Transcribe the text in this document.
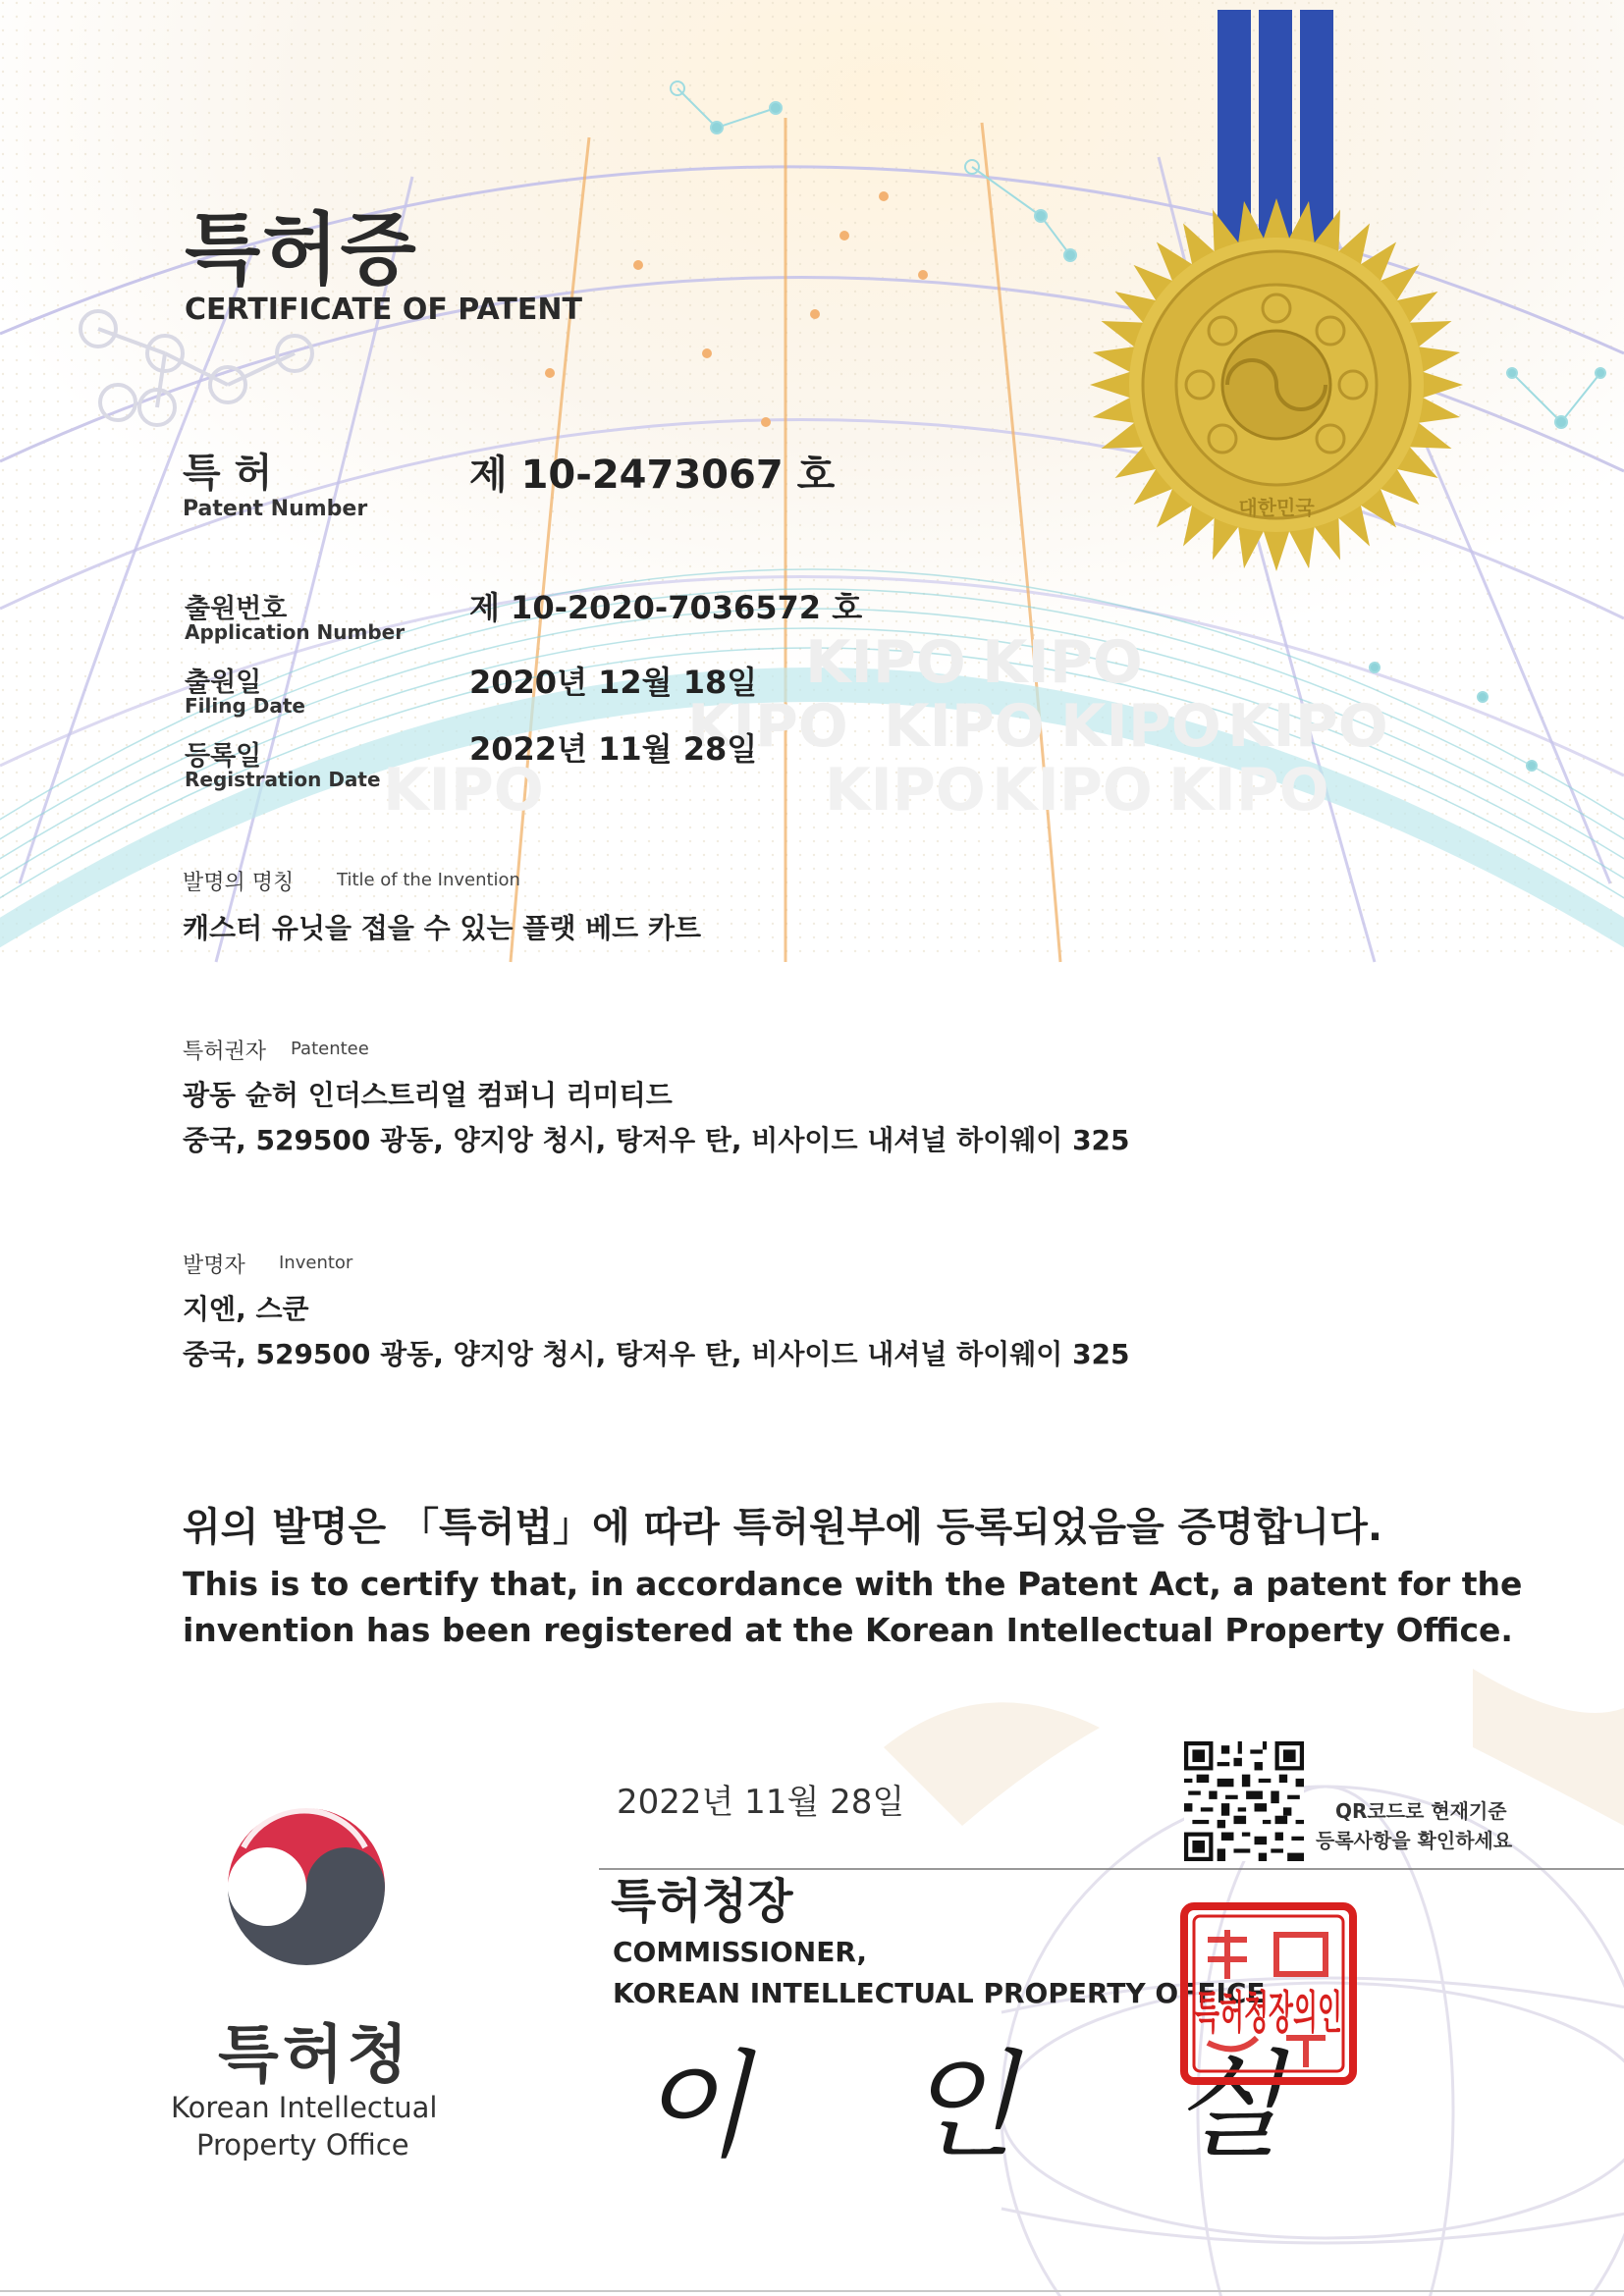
KIPO KIPO
KIPO KIPO KIPO KIPO
KIPO	KIPO KIPO KIPO
대한민국
특허증
CERTIFICATE OF PATENT
특 허
Patent Number
제 10-2473067 호
출원번호
Application Number
제 10-2020-7036572 호
출원일
Filing Date
2020년 12월 18일
등록일
Registration Date
2022년 11월 28일
발명의 명칭 Title of the Invention
캐스터 유닛을 접을 수 있는 플랫 베드 카트
특허권자 Patentee
광동 슌허 인더스트리얼 컴퍼니 리미티드
중국, 529500 광동, 양지앙 청시, 탕저우 탄, 비사이드 내셔널 하이웨이 325
발명자 Inventor
지엔, 스쿤
중국, 529500 광동, 양지앙 청시, 탕저우 탄, 비사이드 내셔널 하이웨이 325
위의 발명은 「특허법」에 따라 특허원부에 등록되었음을 증명합니다.
This is to certify that, in accordance with the Patent Act, a patent for the
invention has been registered at the Korean Intellectual Property Office.
특허청
Korean Intellectual
Property Office
2022년 11월 28일
특허청장
COMMISSIONER,
KOREAN INTELLECTUAL PROPERTY OFFICE
이 인 실
QR코드로 현재기준
등록사항을 확인하세요
특허청장의인
